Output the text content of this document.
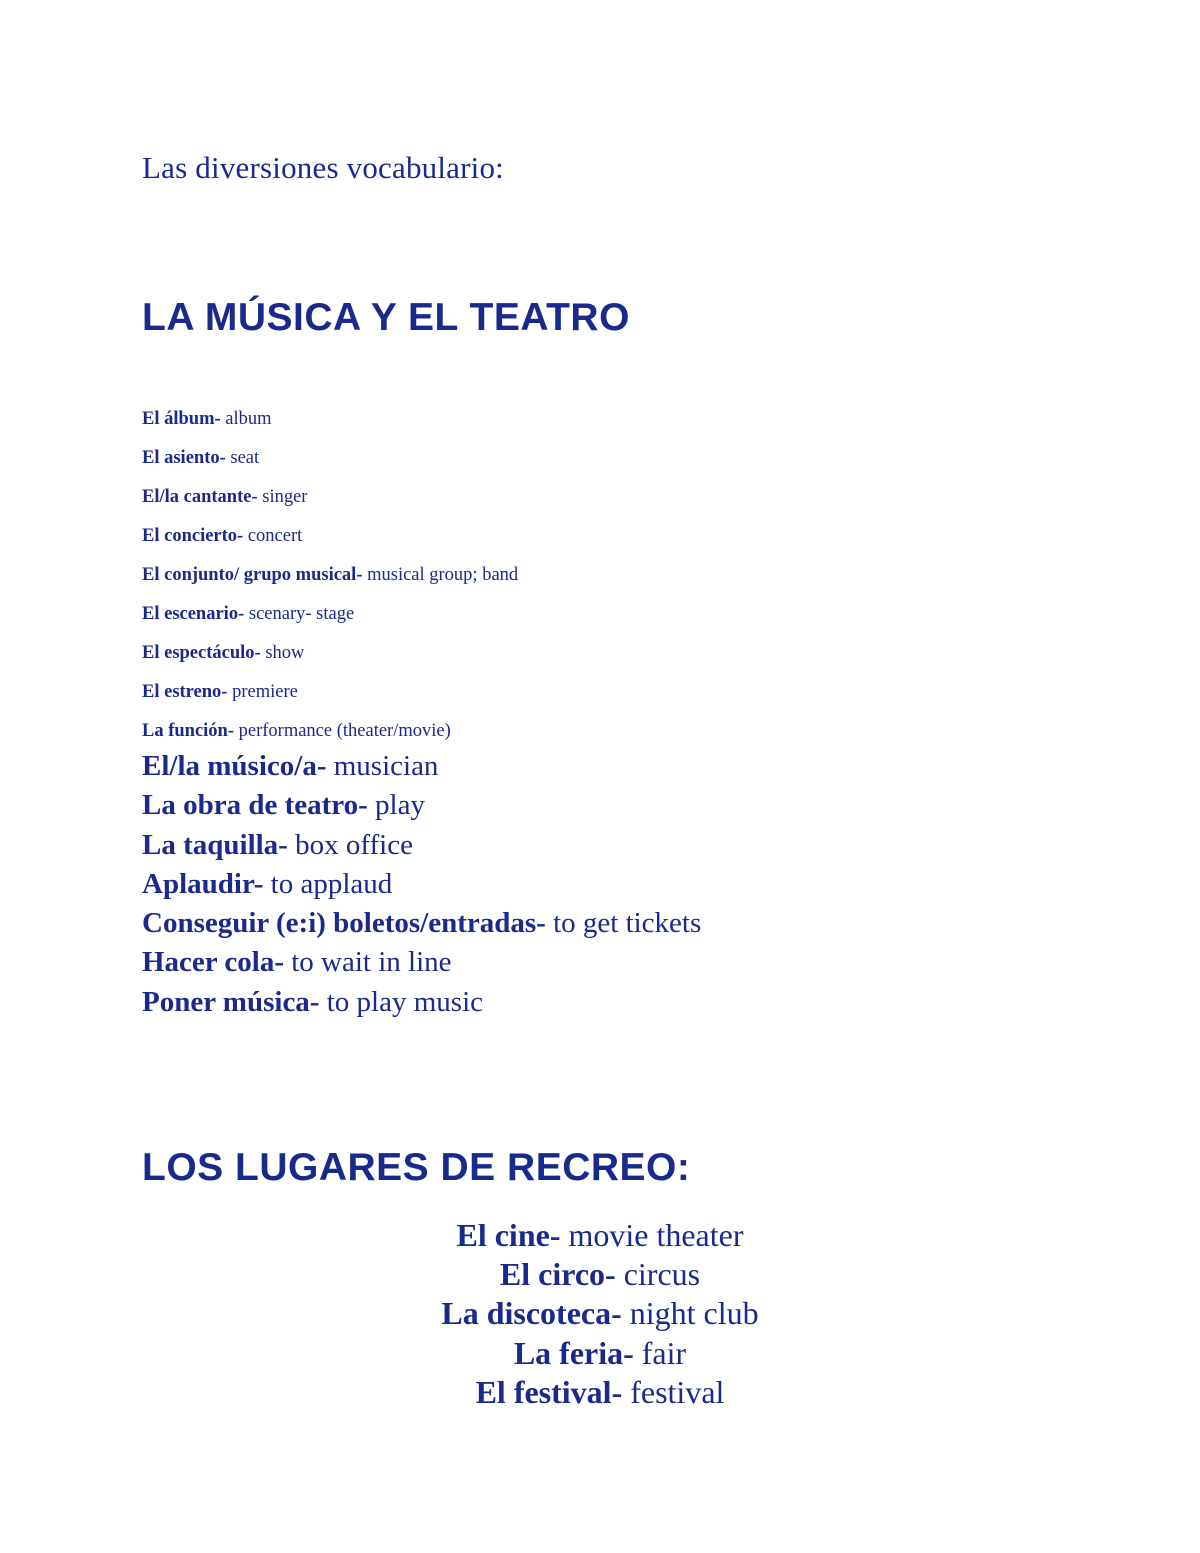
Las diversiones vocabulario:
LA MÚSICA Y EL TEATRO
El álbum- album
El asiento- seat
El/la cantante- singer
El concierto- concert
El conjunto/ grupo musical- musical group; band
El escenario- scenary- stage
El espectáculo- show
El estreno- premiere
La función- performance (theater/movie)
El/la músico/a- musician
La obra de teatro- play
La taquilla- box office
Aplaudir- to applaud
Conseguir (e:i) boletos/entradas- to get tickets
Hacer cola- to wait in line
Poner música- to play music
LOS LUGARES DE RECREO:
El cine- movie theater
El circo- circus
La discoteca- night club
La feria- fair
El festival- festival
